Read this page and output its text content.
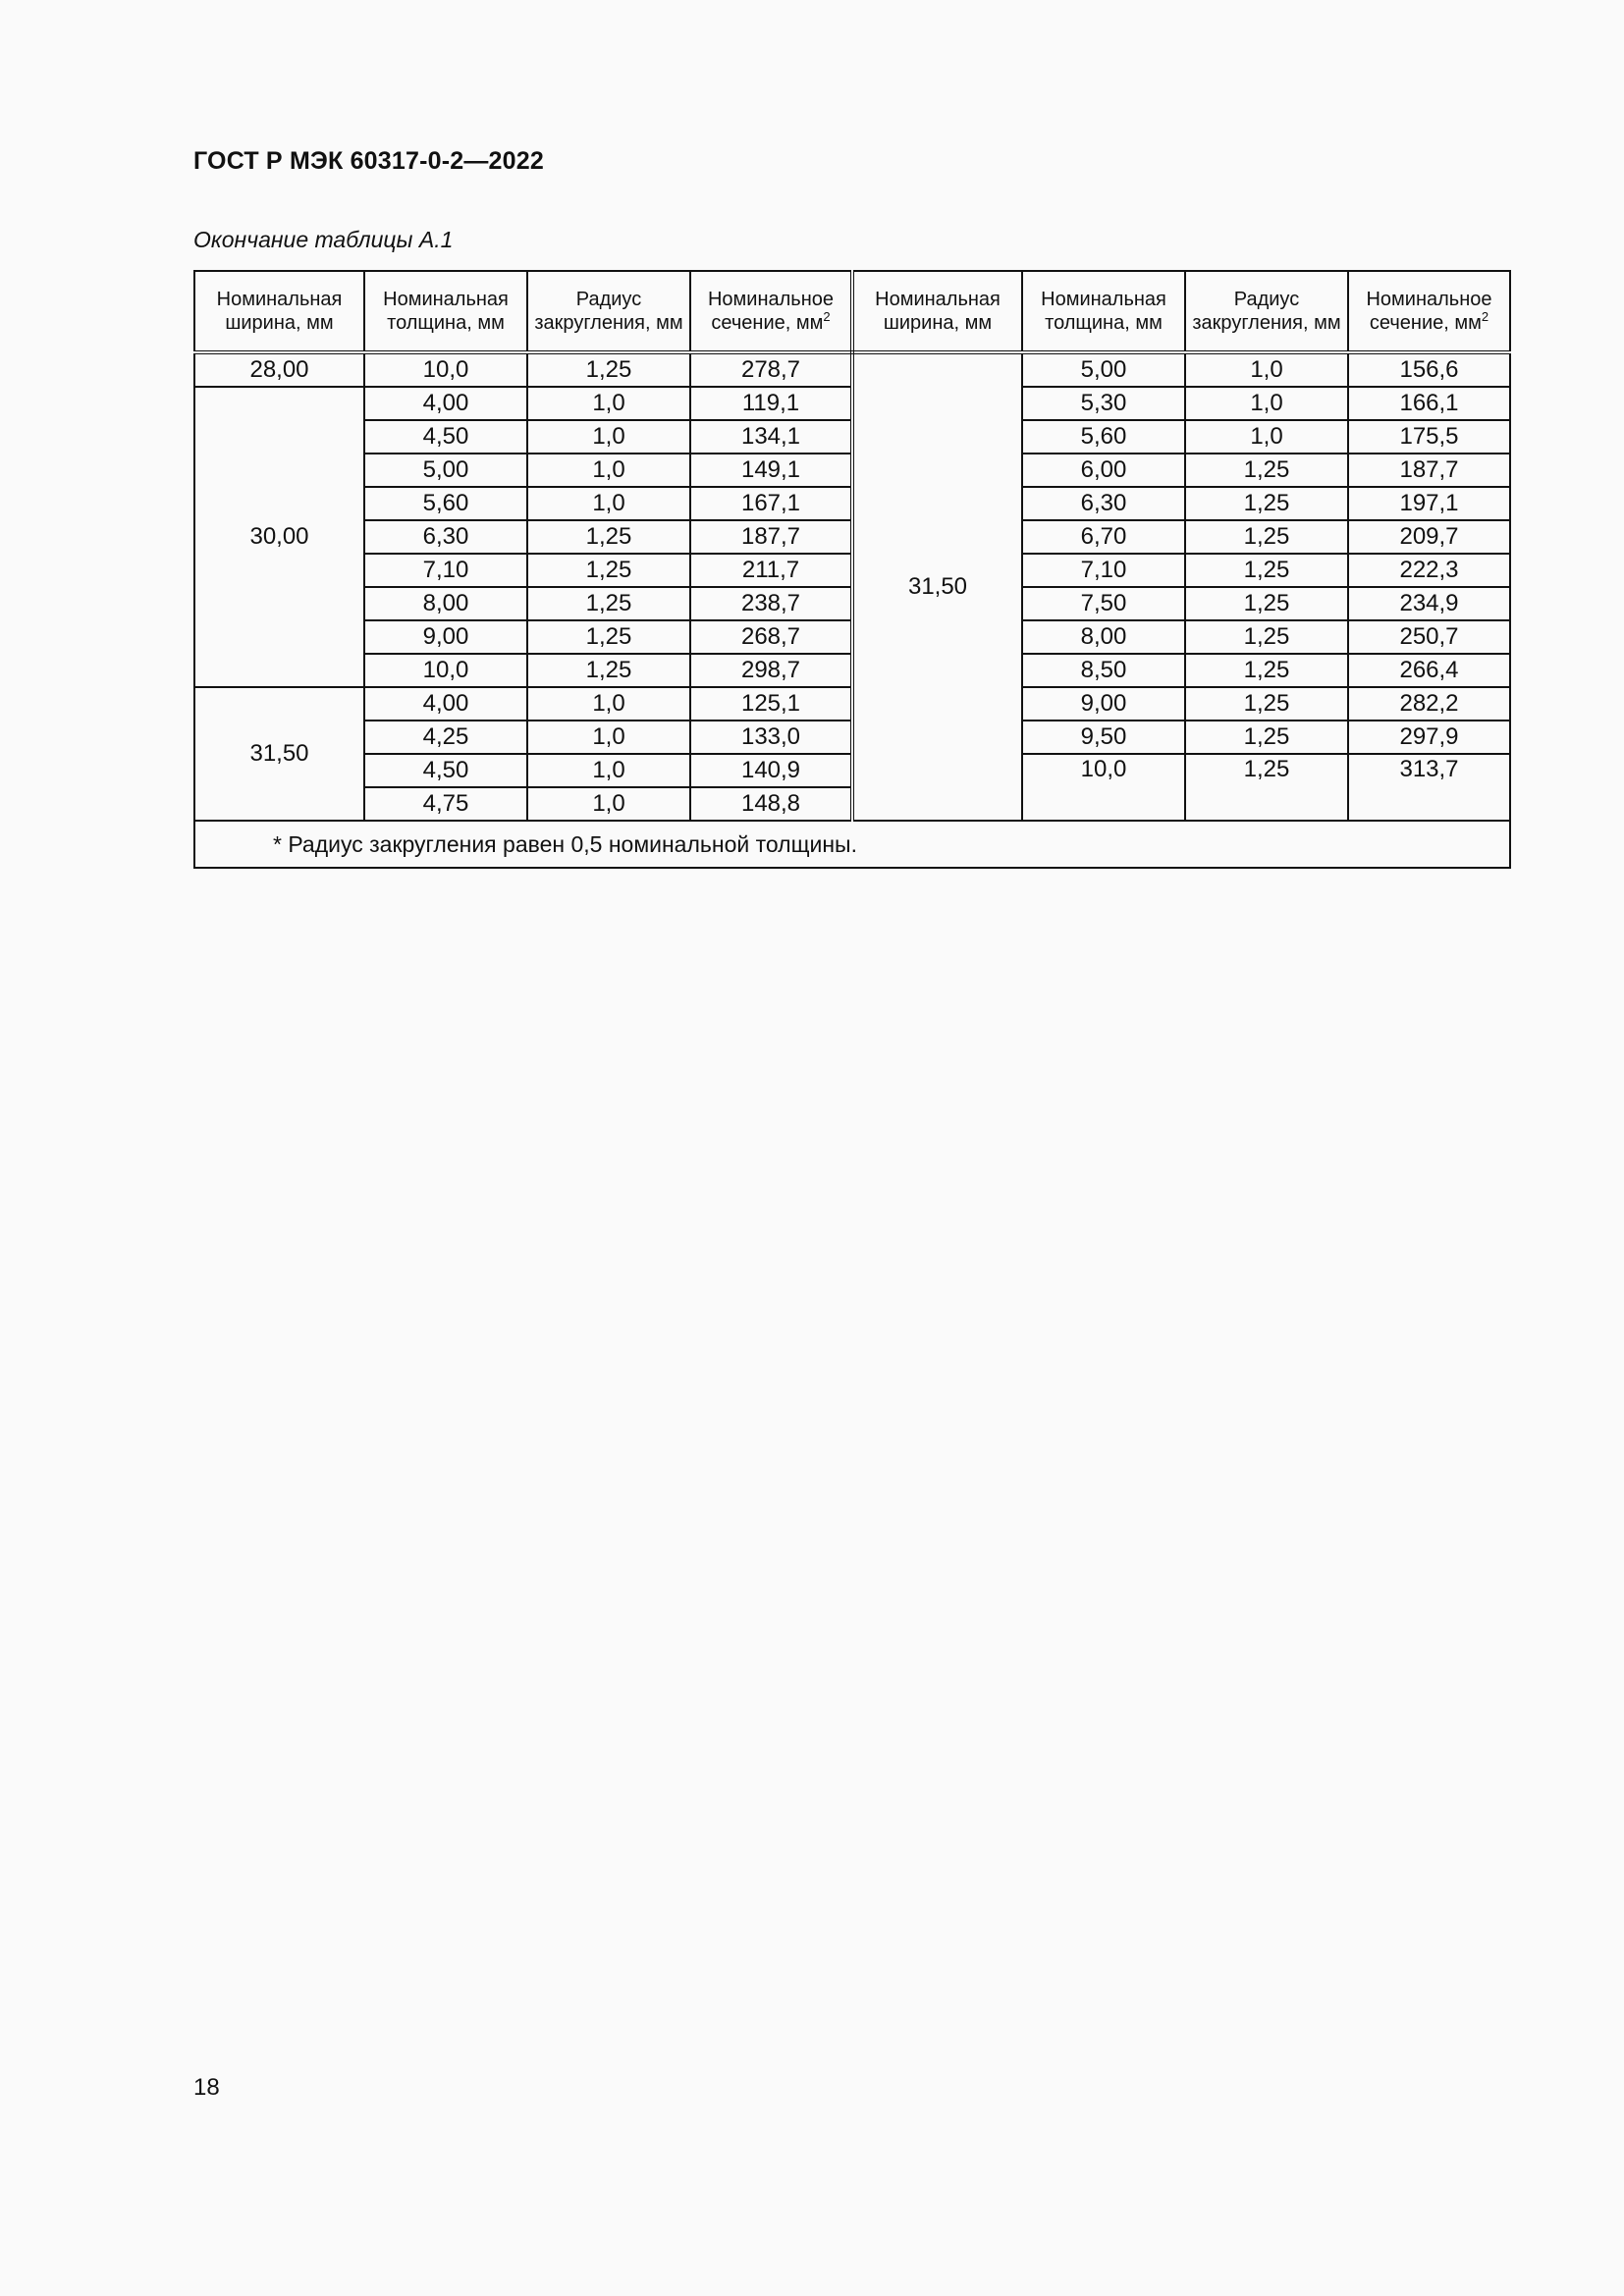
ГОСТ Р МЭК 60317-0-2—2022
Окончание таблицы А.1
Номинальная ширина, мм	Номинальная толщина, мм	Радиус закругления, мм	Номинальное сечение, $мм^2$	Номинальная ширина, мм	Номинальная толщина, мм	Радиус закругления, мм	Номинальное сечение, $мм^2$
28,00	10,0	1,25	278,7	31,50	5,00	1,0	156,6
30,00	4,00	1,0	119,1		5,30	1,0	166,1
	4,50	1,0	134,1		5,60	1,0	175,5
	5,00	1,0	149,1		6,00	1,25	187,7
	5,60	1,0	167,1		6,30	1,25	197,1
	6,30	1,25	187,7		6,70	1,25	209,7
	7,10	1,25	211,7		7,10	1,25	222,3
	8,00	1,25	238,7		7,50	1,25	234,9
	9,00	1,25	268,7		8,00	1,25	250,7
	10,0	1,25	298,7		8,50	1,25	266,4
31,50	4,00	1,0	125,1		9,00	1,25	282,2
	4,25	1,0	133,0		9,50	1,25	297,9
	4,50	1,0	140,9		10,0	1,25	313,7
	4,75	1,0	148,8				
* Радиус закругления равен 0,5 номинальной толщины.							
18
